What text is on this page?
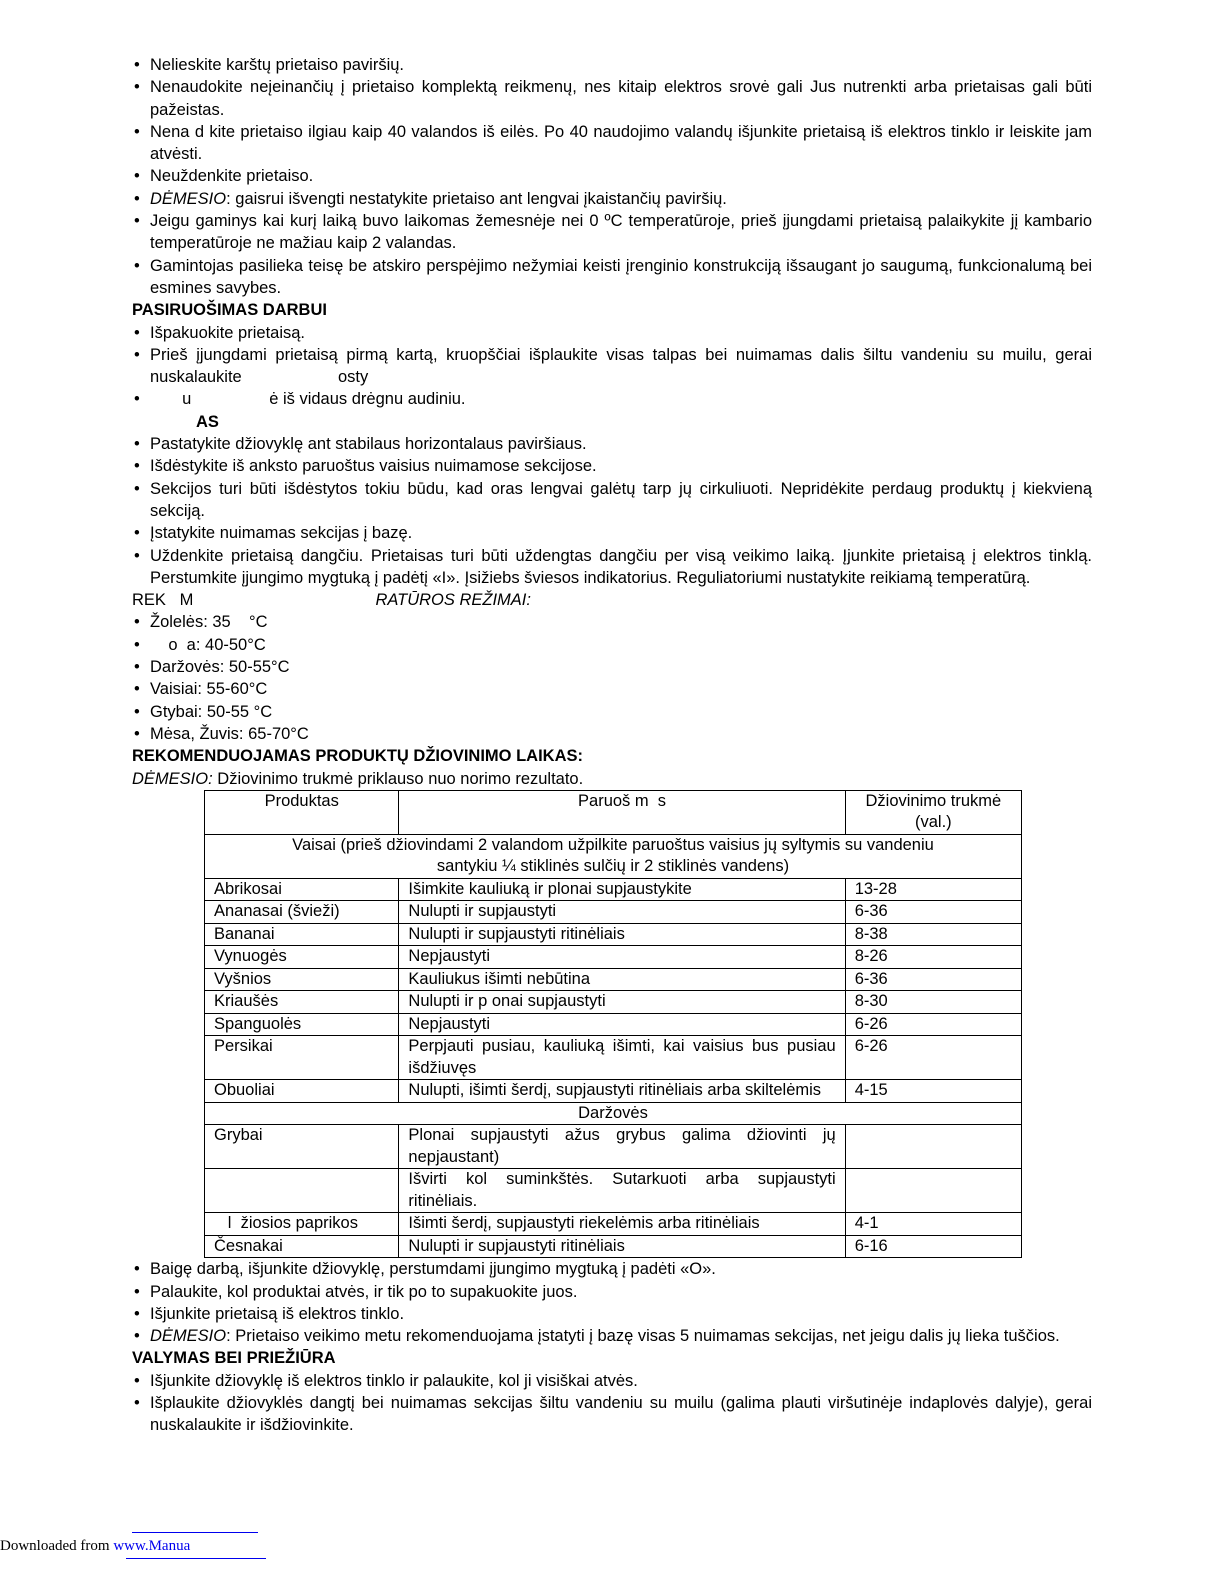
• Nelieskite karštų prietaiso paviršių.
• Nenaudokite neįeinančių į prietaiso komplektą reikmenų, nes kitaip elektros srovė gali Jus nutrenkti arba prietaisas gali būti pažeistas.
• Nena d kite prietaiso ilgiau kaip 40 valandos iš eilės. Po 40 naudojimo valandų išjunkite prietaisą iš elektros tinklo ir leiskite jam atvėsti.
• Neuždenkite prietaiso.
• DĖMESIO: gaisrui išvengti nestatykite prietaiso ant lengvai įkaistančių paviršių.
• Jeigu gaminys kai kurį laiką buvo laikomas žemesnėje nei 0 ºC temperatūroje, prieš įjungdami prietaisą palaikykite jį kambario temperatūroje ne mažiau kaip 2 valandas.
• Gamintojas pasilieka teisę be atskiro perspėjimo nežymiai keisti įrenginio konstrukciją išsaugant jo saugumą, funkcionalumą bei esmines savybes.
PASIRUOŠIMAS DARBUI
• Išpakuokite prietaisą.
• Prieš įjungdami prietaisą pirmą kartą, kruopščiai išplaukite visas talpas bei nuimamas dalis šiltu vandeniu su muilu, gerai nuskalaukite                     osty
•        u                 ė iš vidaus drėgnu audiniu.
AS
• Pastatykite džiovyklę ant stabilaus horizontalaus paviršiaus.
• Išdėstykite iš anksto paruoštus vaisius nuimamose sekcijose.
• Sekcijos turi būti išdėstytos tokiu būdu, kad oras lengvai galėtų tarp jų cirkuliuoti. Nepridėkite perdaug produktų į kiekvieną sekciją.
• Įstatykite nuimamas sekcijas į bazę.
• Uždenkite prietaisą dangčiu. Prietaisas turi būti uždengtas dangčiu per visą veikimo laiką. Įjunkite prietaisą į elektros tinklą. Perstumkite įjungimo mygtuką į padėtį «I». Įsižiebs šviesos indikatorius. Reguliatoriumi nustatykite reikiamą temperatūrą.

REK   M	RATŪROS REŽIMAI:

• Žolelės: 35    °C
•     o  a: 40-50°C
• Daržovės: 50-55°C
• Vaisiai: 55-60°C
• Gtybai: 50-55 °C
• Mėsa, Žuvis: 65-70°C
REKOMENDUOJAMAS PRODUKTŲ DŽIOVINIMO LAIKAS:

DĖMESIO: Džiovinimo trukmė priklauso nuo norimo rezultato.

Produktas	Paruoš m  s	Džiovinimo trukmė (val.)
Vaisai (prieš džiovindami 2 valandom užpilkite paruoštus vaisius jų syltymis su vandeniu santykiu ¼ stiklinės sulčių ir 2 stiklinės vandens)		
Abrikosai	Išimkite kauliuką ir plonai supjaustykite	13-28
Ananasai (švieži)	Nulupti ir supjaustyti	6-36
Bananai	Nulupti ir supjaustyti ritinėliais	8-38
Vynuogės	Nepjaustyti	8-26
Vyšnios	Kauliukus išimti nebūtina	6-36
Kriaušės	Nulupti ir p onai supjaustyti	8-30
Spanguolės	Nepjaustyti	6-26
Persikai	Perpjauti pusiau, kauliuką išimti, kai vaisius bus pusiau išdžiuvęs	6-26
Obuoliai	Nulupti, išimti šerdį, supjaustyti ritinėliais arba skiltelėmis	4-15
Daržovės		
Grybai	Plonai supjaustyti ažus grybus galima džiovinti jų nepjaustant)	
	Išvirti kol suminkštės. Sutarkuoti arba supjaustyti ritinėliais.	
l  žiosios paprikos	Išimti šerdį, supjaustyti riekelėmis arba ritinėliais	4-1
Česnakai	Nulupti ir supjaustyti ritinėliais	6-16
• Baigę darbą, išjunkite džiovyklę, perstumdami įjungimo mygtuką į padėti «O».
• Palaukite, kol produktai atvės, ir tik po to supakuokite juos.
• Išjunkite prietaisą iš elektros tinklo.
• DĖMESIO: Prietaiso veikimo metu rekomenduojama įstatyti į bazę visas 5 nuimamas sekcijas, net jeigu dalis jų lieka tuščios.
VALYMAS BEI PRIEŽIŪRA
• Išjunkite džiovyklę iš elektros tinklo ir palaukite, kol ji visiškai atvės.
• Išplaukite džiovyklės dangtį bei nuimamas sekcijas šiltu vandeniu su muilu (galima plauti viršutinėje indaplovės dalyje), gerai nuskalaukite ir išdžiovinkite.
Downloaded from www.Manua
